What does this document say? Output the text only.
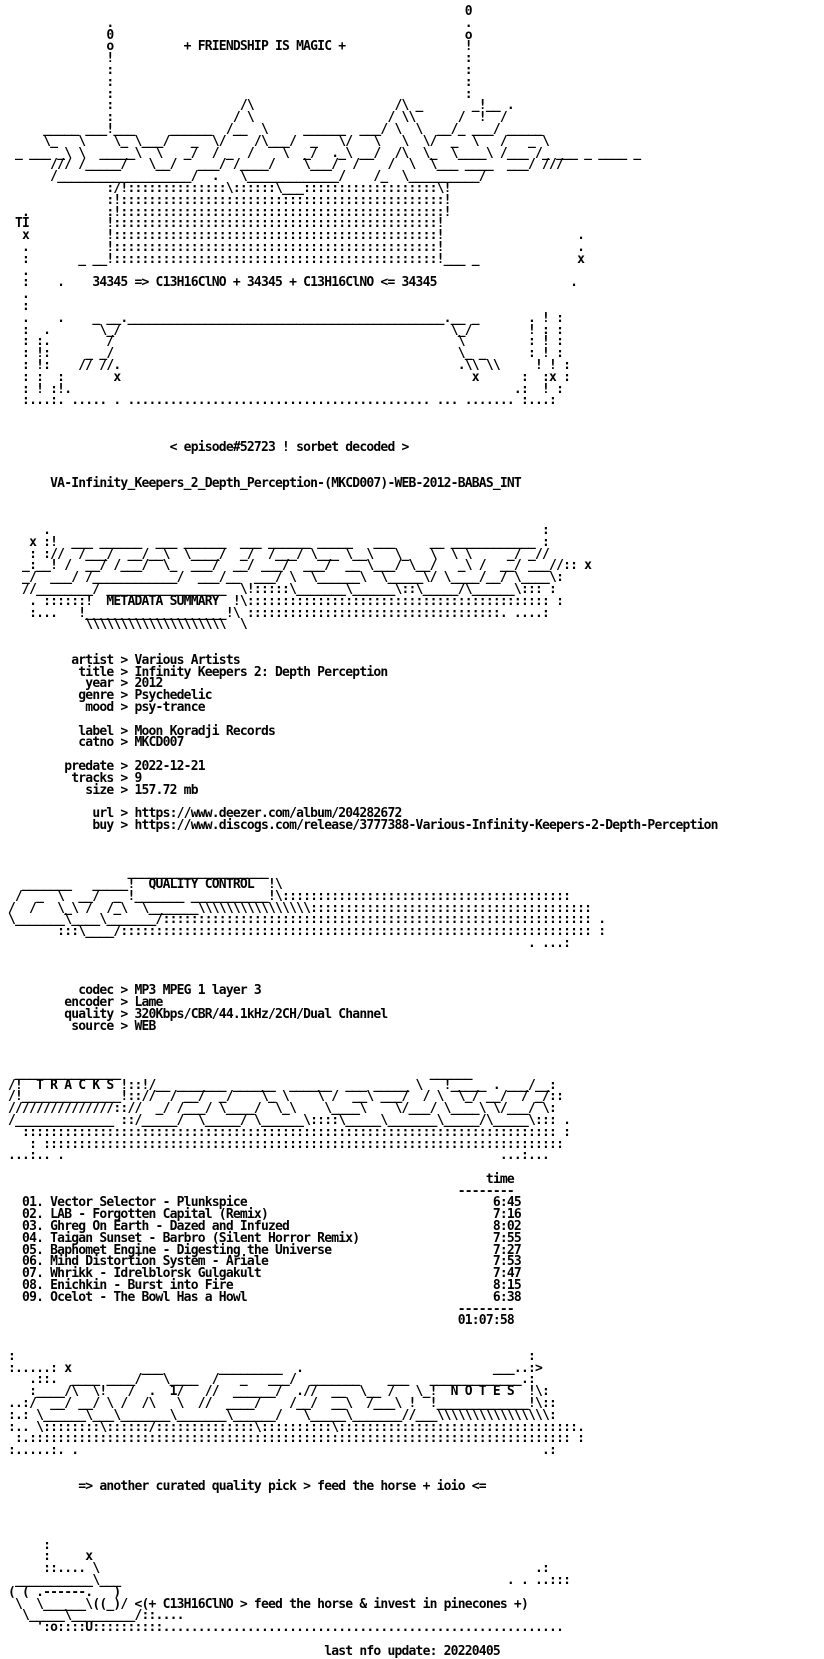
0
.                                                  .
0                                                  o
o          + FRIENDSHIP IS MAGIC +                 !
!                                                  :
:                                                  :
:                                                  :
:                                                  :
:                  /\                    /\ _       _!__ .
:                 / \                   / \\      /  !  /
_____ ___!___     ______  /__  \     ______  ___/ \  \  __/_ ___/ _____
\_   \    \_ \___/   _  \/    /\___/  _   \/   \   \  \/  _  \   /   _ \
_ ___ _\ \  _____\  \   _/  / _  /    \  _/  ._\ __/  /\  \_  \____\ /___ /_ ___ _ ____ _
/// /_____/   \__/   ___/ /____/    \___/  /    /  \  \___ ____  ___/ ///
/___________________/  .   \_____________/    /_  \__________/
:/!::::::::::::::\::::::\___:::::::::::::::::::\!
:!::::::::::::::::::::::::::::::::::::::::::::::!
.           :!::::::::::::::::::::::::::::::::::::::::::::::!
TI           !::::::::::::::::::::::::::::::::::::::::::::::!
x           !::::::::::::::::::::::::::::::::::::::::::::::!                   .
.           !::::::::::::::::::::::::::::::::::::::::::::::!                   .
:       _ __!::::::::::::::::::::::::::::::::::::::::::::::!___ _              x
.
:    .    34345 => C13H16ClNO + 34345 + C13H16ClNO <= 34345                   .
.
:
.    .    _ __._____________________________________________.__ _       . ! :
:  .       \_/                                               \_/        ! : :
: :.        /                                                 \         : ! :
: !:     _ _/                                                 \_ _      : ! :
: !:    // //.                                                .\\ \\     ! ! :
: :  :       x                                                  x      :  :x :
: ! :!.                                                               .:  ! :
:...:. ..... . ........................................... ... ....... :...:

< episode#52723 ! sorbet decoded >

VA-Infinity_Keepers_2_Depth_Perception-(MKCD007)-WEB-2012-BABAS_INT

.                                                                      :
x :!  ___ ______  ___ ______  ___ ______ _____   ___     __ ____________ :
: ://  /___/  __/__\  \____/  _/  /___/ \___ \__\   \_   \  \ \     _/ _//
_:__! /  __/ /___/  \_  ___/  __/ ___/  ___/  __ \___/ \__/   _\ /  __/ ___//:: x
_/  ___/ /____________/  ___/__  ___/ \  \______\  \_____\/ \____/__/ \____\:
//________/ _________________  \!:::::\_______\______\::\_____/\______\::: :
. ::::::!  METADATA SUMMARY  !\::::::::::::::::::::::::::::::::::::::::::: :
:...   !____________________!\ ::::::::::::::::::::::::::::::::::::. ....:
\\\\\\\\\\\\\\\\\\\\  \

artist > Various Artists
title > Infinity Keepers 2: Depth Perception
year > 2012
genre > Psychedelic
mood > psy-trance

label > Moon Koradji Records
catno > MKCD007

predate > 2022-12-21
tracks > 9
size > 157.72 mb

url > https://www.deezer.com/album/204282672
buy > https://www.discogs.com/release/3777388-Various-Infinity-Keepers-2-Depth-Perception

____________________
_______   _____!  QUALITY CONTROL  !\
/  _  \  __/  _ !_______ ___________!\:::::::::::::::::::::::::::::::::::::::::
/  /   \_\ /  /_\  \_______\\\\\\\\\\\\\\\\::::::::::::::::::::::::::::::::::::::::
\_______\____\_______/::::::::::::::::::::::::::::::::::::::::::::::::::::::::::::: .
:::\____/::::::::::::::::::::::::::::::::::::::::::::::::::::::::::::::::::: :
. ...:

codec > MP3 MPEG 1 layer 3
encoder > Lame
quality > 320Kbps/CBR/44.1kHz/2CH/Dual Channel
source > WEB

_______________                                            ______
/!  T R A C K S !::!/__ _______ ______  ______  ___ _____ \   !_____ . ___/__:
/!______________!:://  / __/  _/    \_ \    \ /  __\ ___/  / \  \_/ __/  / _/::
///////////////:://  _/ /___/ \____/  \_\    \____\    \/___/ \____\ \/___/ \:
/______________ ::/_____/  \_____/ \______\::::\_____\_______\_____/\_____\::: .
:::::::::::::::::::::::::::::::::::::::::::::::::::::::::::::::::::::::::::: :
: ::::::::::::::::::::::::::::::::::::::::::::::::::::::::::::::::::::::::::
...:.. .                                                              ...:...

time
--------
01. Vector Selector - Plunkspice                                   6:45
02. LAB - Forgotten Capital (Remix)                                7:16
03. Ghreg On Earth - Dazed and Infuzed                             8:02
04. Taigan Sunset - Barbro (Silent Horror Remix)                   7:55
05. Baphomet Engine - Digesting the Universe                       7:27
06. Mind Distortion System - Ariale                                7:53
07. Whrikk - Idrelblorsk Gulgakult                                 7:47
08. Enichkin - Burst into Fire                                     8:15
09. Ocelot - The Bowl Has a Howl                                   6:38
--------
01:07:58

:                                                                         :
:.....: x          ___        _________  .                           ___..:>
.::.  ____ ____/   \____  /   _   ___/  _______    ___   _____________.:
:____/\  \!   /  .  1/   //  ______/  .//  __  \__ /   \_!  N O T E S  !\:
..:/  __/ __/ \ /  /\   \  //  ____/    /__/  __\  /___\ !  !_____________!\::
:.: \______\___\_______\_______\______/   \_____\_______//___\\\\\\\\\\\\\\\\:
:.. \::::::::\::::::/::::::::::::::\::::::::::\::::::::::::::::::::::::::::::::::.
:.::::::::::::::::::::::::::::::::::::::::::::::::::::::::::::::::::::::::::::: :
:.....:. .                                                                  .:

=> another curated quality pick > feed the horse + ioio <=

:
:     x
::.... \                                                              .:
___________\___                                                       . . ..:::
( ( .------.   )
\  \______\((_)/ <(+ C13H16ClNO > feed the horse & invest in pinecones +)
\_____\_________/::....
':o::::U::::::::::.........................................................

last nfo update: 20220405
